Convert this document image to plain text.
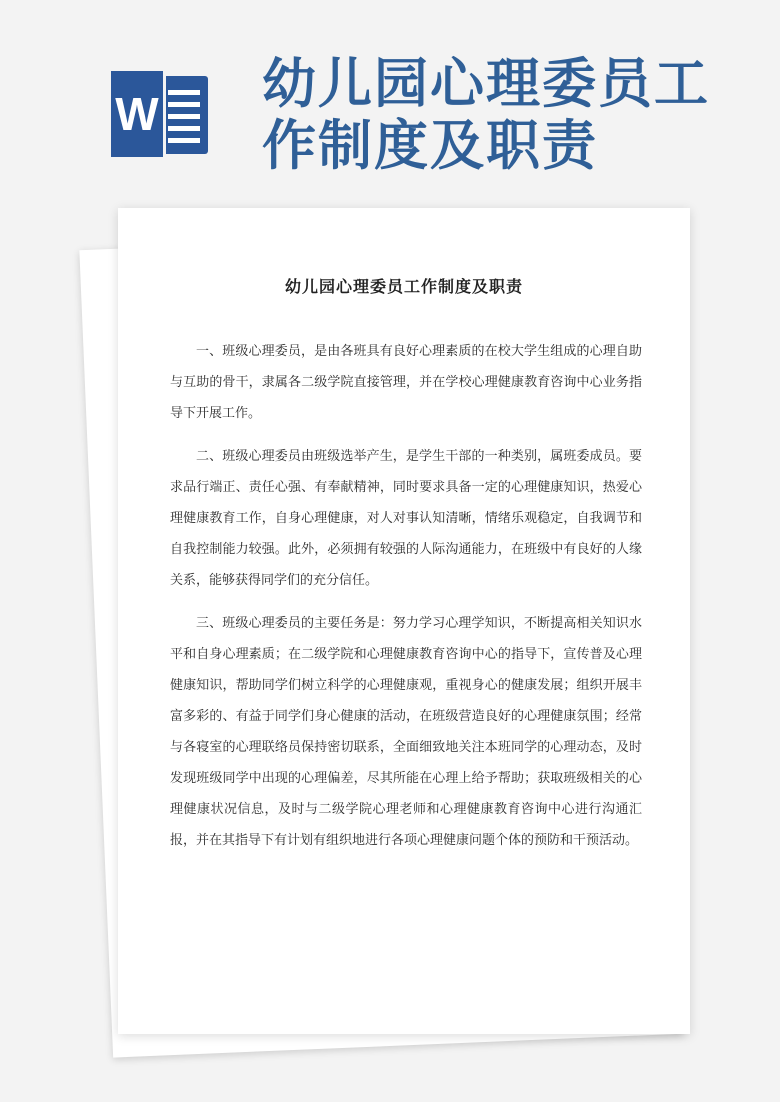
W 幼儿园心理委员工作制度及职责
幼儿园心理委员工作制度及职责

一、班级心理委员，是由各班具有良好心理素质的在校大学生组成的心理自助与互助的骨干，隶属各二级学院直接管理，并在学校心理健康教育咨询中心业务指导下开展工作。

二、班级心理委员由班级选举产生，是学生干部的一种类别，属班委成员。要求品行端正、责任心强、有奉献精神，同时要求具备一定的心理健康知识，热爱心理健康教育工作，自身心理健康，对人对事认知清晰，情绪乐观稳定，自我调节和自我控制能力较强。此外，必须拥有较强的人际沟通能力，在班级中有良好的人缘关系，能够获得同学们的充分信任。

三、班级心理委员的主要任务是：努力学习心理学知识，不断提高相关知识水平和自身心理素质；在二级学院和心理健康教育咨询中心的指导下，宣传普及心理健康知识，帮助同学们树立科学的心理健康观，重视身心的健康发展；组织开展丰富多彩的、有益于同学们身心健康的活动，在班级营造良好的心理健康氛围；经常与各寝室的心理联络员保持密切联系，全面细致地关注本班同学的心理动态，及时发现班级同学中出现的心理偏差，尽其所能在心理上给予帮助；获取班级相关的心理健康状况信息，及时与二级学院心理老师和心理健康教育咨询中心进行沟通汇报，并在其指导下有计划有组织地进行各项心理健康问题个体的预防和干预活动。
